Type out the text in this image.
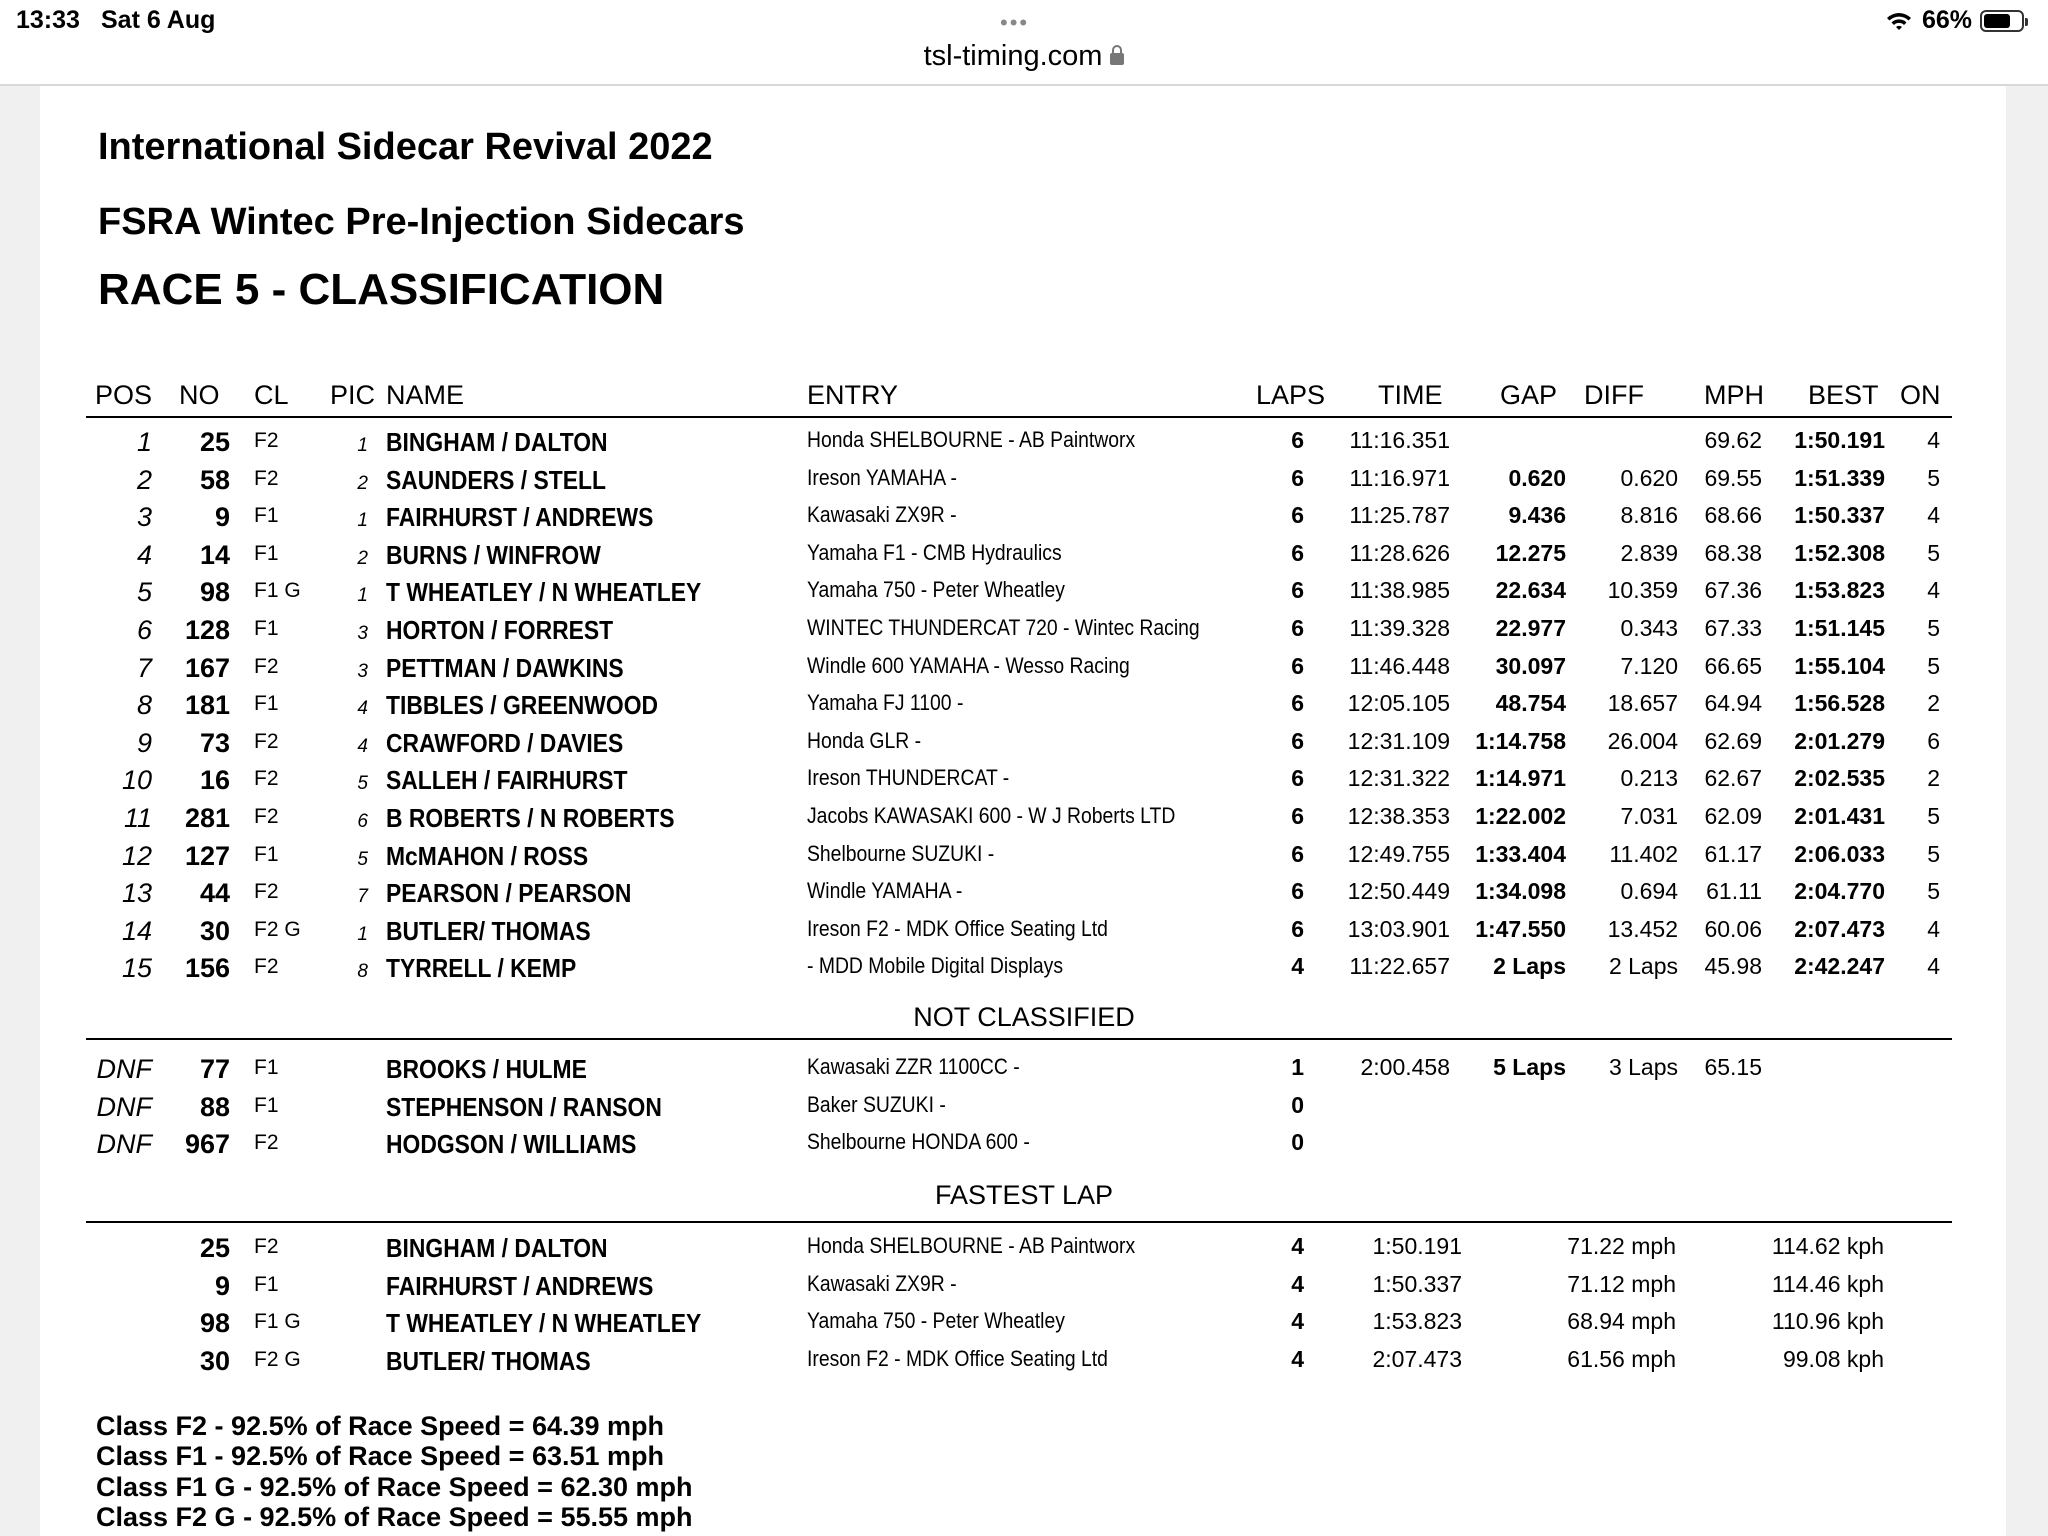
13:33 Sat 6 Aug	•••	66%
tsl-timing.com
International Sidecar Revival 2022
FSRA Wintec Pre-Injection Sidecars
RACE 5 - CLASSIFICATION
POS NO CL PIC NAME	ENTRY	LAPS TIME GAP DIFF MPH BEST ON
1 25 F2	1 BINGHAM / DALTON	Honda SHELBOURNE - AB Paintworx	6 11:16.351	69.62 1:50.191 4
2 58 F2	2 SAUNDERS / STELL	Ireson YAMAHA -	6 11:16.971	0.620 0.620 69.55 1:51.339 5
3 9 F1	1 FAIRHURST / ANDREWS	Kawasaki ZX9R -	6 11:25.787	9.436 8.816 68.66 1:50.337 4
4 14 F1	2 BURNS / WINFROW	Yamaha F1 - CMB Hydraulics	6 11:28.626 12.275 2.839 68.38 1:52.308 5
5 98 F1 G	1 T WHEATLEY / N WHEATLEY	Yamaha 750 - Peter Wheatley	6 11:38.985 22.634 10.359 67.36 1:53.823 4
6 128 F1	3 HORTON / FORREST	WINTEC THUNDERCAT 720 - Wintec Racing	6 11:39.328 22.977 0.343 67.33 1:51.145 5
7 167 F2	3 PETTMAN / DAWKINS	Windle 600 YAMAHA - Wesso Racing	6 11:46.448 30.097 7.120 66.65 1:55.104 5
8 181 F1	4 TIBBLES / GREENWOOD	Yamaha FJ 1100 -	6 12:05.105 48.754 18.657 64.94 1:56.528 2
9 73 F2	4 CRAWFORD / DAVIES	Honda GLR -	6 12:31.109 1:14.758 26.004 62.69 2:01.279 6
10 16 F2	5 SALLEH / FAIRHURST	Ireson THUNDERCAT -	6 12:31.322 1:14.971 0.213 62.67 2:02.535 2
11 281 F2	6 B ROBERTS / N ROBERTS	Jacobs KAWASAKI 600 - W J Roberts LTD	6 12:38.353 1:22.002 7.031 62.09 2:01.431 5
12 127 F1	5 McMAHON / ROSS	Shelbourne SUZUKI -	6 12:49.755 1:33.404 11.402 61.17 2:06.033 5
13 44 F2	7 PEARSON / PEARSON	Windle YAMAHA -	6 12:50.449 1:34.098 0.694 61.11 2:04.770 5
14 30 F2 G	1 BUTLER/ THOMAS	Ireson F2 - MDK Office Seating Ltd	6 13:03.901 1:47.550 13.452 60.06 2:07.473 4
15 156 F2	8 TYRRELL / KEMP	- MDD Mobile Digital Displays	4 11:22.657 2 Laps 2 Laps 45.98 2:42.247 4
NOT CLASSIFIED
DNF 77 F1	BROOKS / HULME	Kawasaki ZZR 1100CC -	1 2:00.458 5 Laps 3 Laps 65.15
DNF 88 F1	STEPHENSON / RANSON	Baker SUZUKI -	0
DNF 967 F2	HODGSON / WILLIAMS	Shelbourne HONDA 600 -	0
FASTEST LAP
25 F2	BINGHAM / DALTON	Honda SHELBOURNE - AB Paintworx	4	1:50.191	71.22 mph	114.62 kph
9 F1	FAIRHURST / ANDREWS	Kawasaki ZX9R -	4	1:50.337	71.12 mph	114.46 kph
98 F1 G	T WHEATLEY / N WHEATLEY	Yamaha 750 - Peter Wheatley	4	1:53.823	68.94 mph	110.96 kph
30 F2 G	BUTLER/ THOMAS	Ireson F2 - MDK Office Seating Ltd	4	2:07.473	61.56 mph	99.08 kph
Class F2 - 92.5% of Race Speed = 64.39 mph
Class F1 - 92.5% of Race Speed = 63.51 mph
Class F1 G - 92.5% of Race Speed = 62.30 mph
Class F2 G - 92.5% of Race Speed = 55.55 mph
